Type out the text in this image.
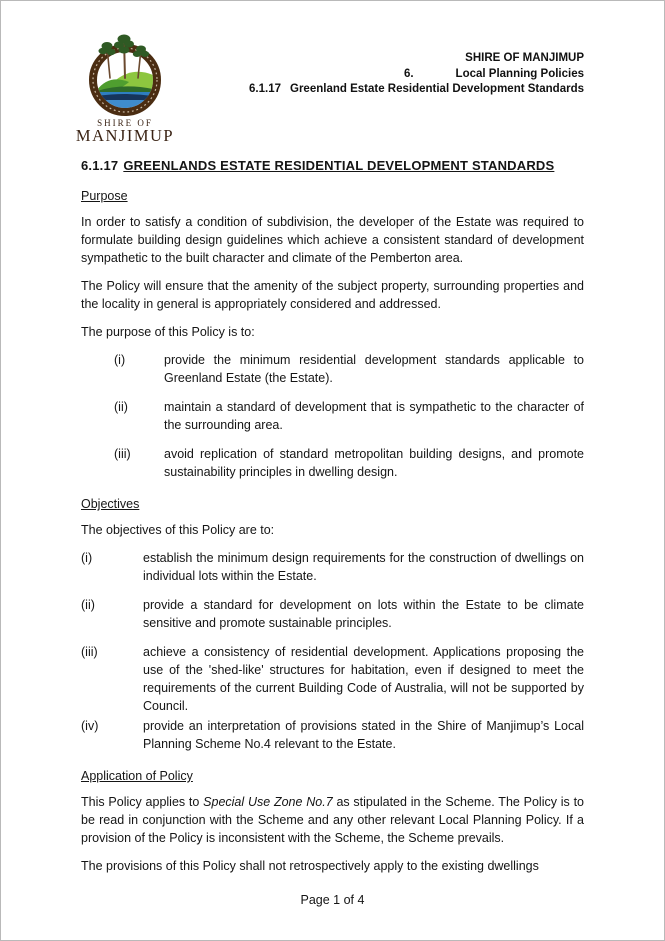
SHIRE OF
MANJIMUP
SHIRE OF MANJIMUP
6.	Local Planning Policies
6.1.17 Greenland Estate Residential Development Standards
6.1.17 GREENLANDS ESTATE RESIDENTIAL DEVELOPMENT STANDARDS
Purpose

In order to satisfy a condition of subdivision, the developer of the Estate was required to formulate building design guidelines which achieve a consistent standard of development sympathetic to the built character and climate of the Pemberton area.

The Policy will ensure that the amenity of the subject property, surrounding properties and the locality in general is appropriately considered and addressed.

The purpose of this Policy is to:

(i)	provide the minimum residential development standards applicable to Greenland Estate (the Estate).
(ii)	maintain a standard of development that is sympathetic to the character of the surrounding area.
(iii)	avoid replication of standard metropolitan building designs, and promote sustainability principles in dwelling design.
Objectives

The objectives of this Policy are to:

(i)	establish the minimum design requirements for the construction of dwellings on individual lots within the Estate.
(ii)	provide a standard for development on lots within the Estate to be climate sensitive and promote sustainable principles.
(iii)	achieve a consistency of residential development. Applications proposing the use of the 'shed-like' structures for habitation, even if designed to meet the requirements of the current Building Code of Australia, will not be supported by Council.
(iv)	provide an interpretation of provisions stated in the Shire of Manjimup’s Local Planning Scheme No.4 relevant to the Estate.
Application of Policy

This Policy applies to Special Use Zone No.7 as stipulated in the Scheme. The Policy is to be read in conjunction with the Scheme and any other relevant Local Planning Policy. If a provision of the Policy is inconsistent with the Scheme, the Scheme prevails.

The provisions of this Policy shall not retrospectively apply to the existing dwellings

Page 1 of 4
